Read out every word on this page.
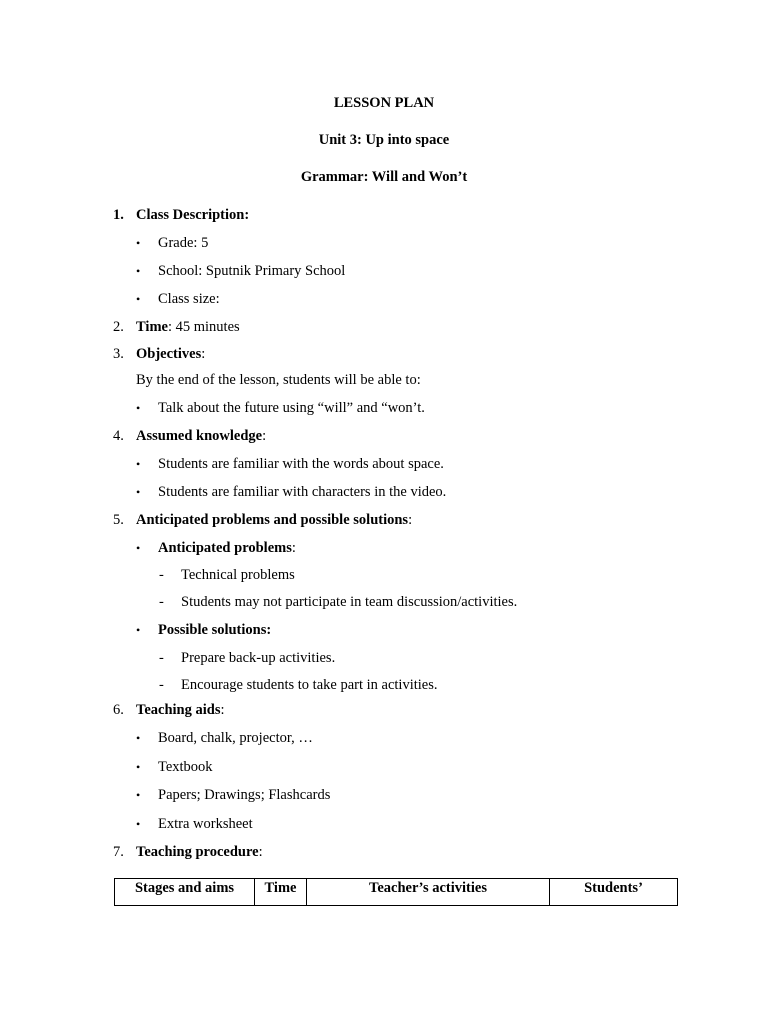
LESSON PLAN
Unit 3: Up into space
Grammar: Will and Won’t
1. Class Description:
• Grade: 5
• School: Sputnik Primary School
• Class size:
2. Time: 45 minutes
3. Objectives:
By the end of the lesson, students will be able to:
• Talk about the future using “will” and “won’t.
4. Assumed knowledge:
• Students are familiar with the words about space.
• Students are familiar with characters in the video.
5. Anticipated problems and possible solutions:
• Anticipated problems:
- Technical problems
- Students may not participate in team discussion/activities.
• Possible solutions:
- Prepare back-up activities.
- Encourage students to take part in activities.
6. Teaching aids:
• Board, chalk, projector, …
• Textbook
• Papers; Drawings; Flashcards
• Extra worksheet
7. Teaching procedure:
Stages and aims	Time	Teacher’s activities	Students’
